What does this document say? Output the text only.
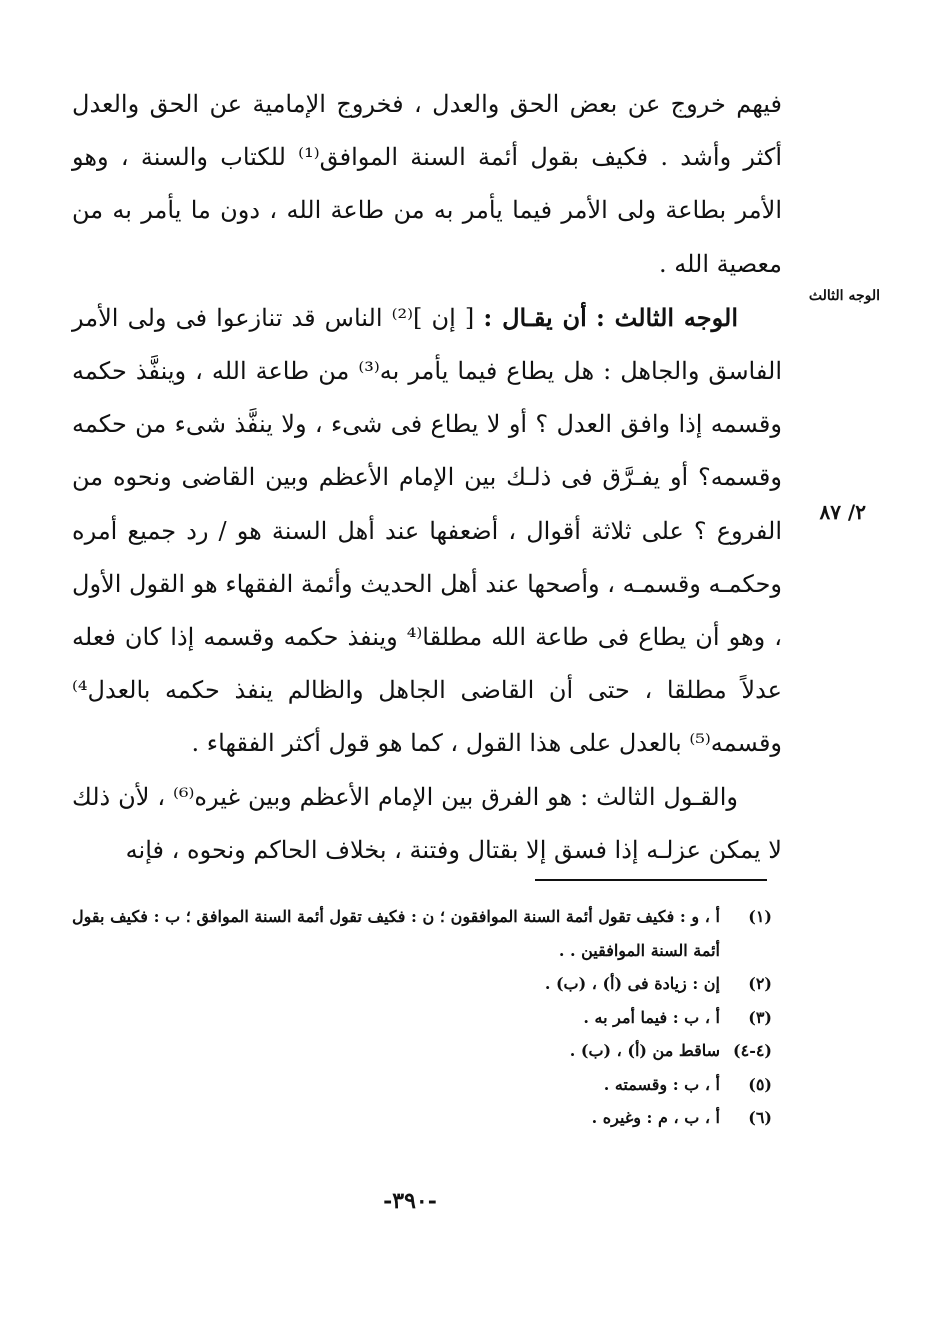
الوجه الثالث
٢/ ٨٧

فيهم خروج عن بعض الحق والعدل ، فخروج الإمامية عن الحق والعدل أكثر وأشد . فكيف بقول أئمة السنة الموافق⁽¹⁾ للكتاب والسنة ، وهو الأمر بطاعة ولى الأمر فيما يأمر به من طاعة الله ، دون ما يأمر به من معصية الله .

الوجه الثالث : أن يقـال : [ إن ]⁽²⁾ الناس قد تنازعوا فى ولى الأمر الفاسق والجاهل : هل يطاع فيما يأمر به⁽³⁾ من طاعة الله ، وينفَّذ حكمه وقسمه إذا وافق العدل ؟ أو لا يطاع فى شىء ، ولا ينفَّذ شىء من حكمه وقسمه؟ أو يفـرَّق فى ذلـك بين الإمام الأعظم وبين القاضى ونحوه من الفروع ؟ على ثلاثة أقوال ، أضعفها عند أهل السنة هو / رد جميع أمره وحكمـه وقسمـه ، وأصحها عند أهل الحديث وأئمة الفقهاء هو القول الأول ، وهو أن يطاع فى طاعة الله مطلقا⁽⁴ وينفذ حكمه وقسمه إذا كان فعله عدلاً مطلقا ، حتى أن القاضى الجاهل والظالم ينفذ حكمه بالعدل⁴⁾ وقسمه⁽⁵⁾ بالعدل على هذا القول ، كما هو قول أكثر الفقهاء .

والقـول الثالث : هو الفرق بين الإمام الأعظم وبين غيره⁽⁶⁾ ، لأن ذلك لا يمكن عزلـه إذا فسق إلا بقتال وفتنة ، بخلاف الحاكم ونحوه ، فإنه

(١)
أ ، و : فكيف تقول أئمة السنة الموافقون ؛ ن : فكيف تقول أئمة السنة الموافق ؛ ب : فكيف بقول أئمة السنة الموافقين . .
(٢)
إن : زيادة فى (أ) ، (ب) .
(٣)
أ ، ب : فيما أمر به .
(٤-٤)
ساقط من (أ) ، (ب) .
(٥)
أ ، ب : وقسمته .
(٦)
أ ، ب ، م : وغيره .
-٣٩٠-
